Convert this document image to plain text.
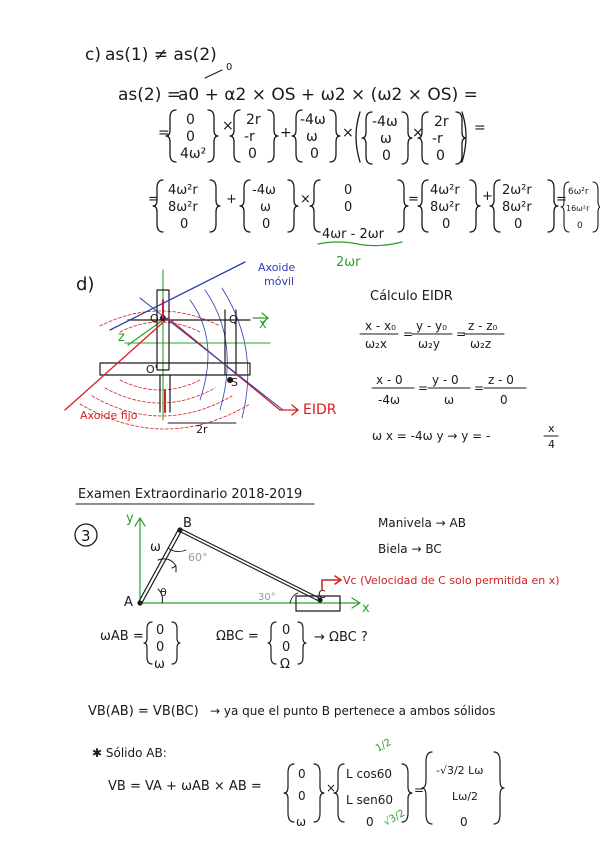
c) as(1) ≠ as(2)
0
as(2) =
a0 + α2 × OS + ω2 × (ω2 × OS) =
=
0
0
4ω²
× 2r
-r
0
+
-4ω
ω
0
×
-4ω
ω
0
×
2r
-r
0
=
=
4ω²r
8ω²r
0
+
-4ω
ω
0
×
0
0
4ωr - 2ωr
=
4ω²r
8ω²r
0
+ 2ω²r
8ω²r
0
= 6ω²r
16ω²r
0
2ωr
d)
z
x
O	Q
O'
S
Axoide
móvil
Axoide fijo	EIDR
2r
Cálculo EIDR
x - x₀
ω₂x
=
y - y₀
ω₂y
=
z - z₀
ω₂z
x - 0
-4ω
=
y - 0
ω
=
z - 0
0
ω x = -4ω y → y = -
x
4
Examen Extraordinario 2018-2019
3
y
x
A
B
C
θ
60°
30°
ω
Vc (Velocidad de C solo permitida en x)
Manivela → AB
Biela → BC
ωAB = 0
0
ω
ΩBC = 0
0
Ω
→ ΩBC ?
VB(AB) = VB(BC) → ya que el punto B pertenece a ambos sólidos
✱ Sólido AB:
VB = VA + ωAB × AB =
0
0
ω
×
L cos60
L sen60
0
=
-√3/2 Lω
Lω/2
0
1/2
√3/2
